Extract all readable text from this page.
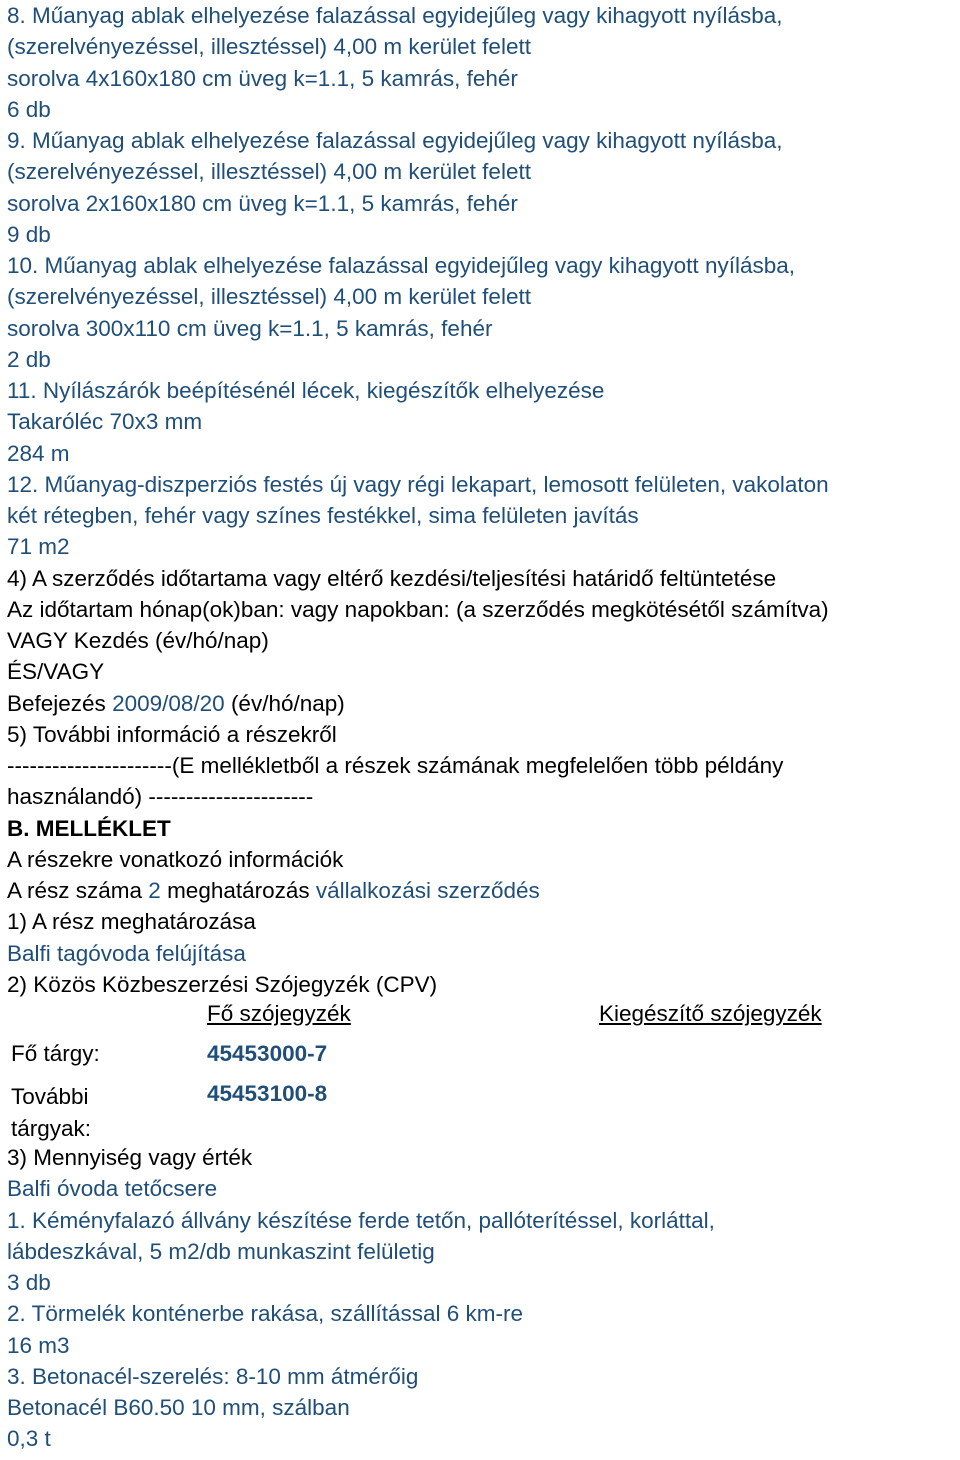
8. Műanyag ablak elhelyezése falazással egyidejűleg vagy kihagyott nyílásba,
(szerelvényezéssel, illesztéssel) 4,00 m kerület felett
sorolva 4x160x180 cm üveg k=1.1, 5 kamrás, fehér
6 db
9. Műanyag ablak elhelyezése falazással egyidejűleg vagy kihagyott nyílásba,
(szerelvényezéssel, illesztéssel) 4,00 m kerület felett
sorolva 2x160x180 cm üveg k=1.1, 5 kamrás, fehér
9 db
10. Műanyag ablak elhelyezése falazással egyidejűleg vagy kihagyott nyílásba,
(szerelvényezéssel, illesztéssel) 4,00 m kerület felett
sorolva 300x110 cm üveg k=1.1, 5 kamrás, fehér
2 db
11. Nyílászárók beépítésénél lécek, kiegészítők elhelyezése
Takaróléc 70x3 mm
284 m
12. Műanyag-diszperziós festés új vagy régi lekapart, lemosott felületen, vakolaton
két rétegben, fehér vagy színes festékkel, sima felületen javítás
71 m2
4) A szerződés időtartama vagy eltérő kezdési/teljesítési határidő feltüntetése
Az időtartam hónap(ok)ban: vagy napokban: (a szerződés megkötésétől számítva)
VAGY Kezdés (év/hó/nap)
ÉS/VAGY
Befejezés 2009/08/20 (év/hó/nap)
5) További információ a részekről
----------------------(E mellékletből a részek számának megfelelően több példány
használandó) ----------------------
B. MELLÉKLET
A részekre vonatkozó információk
A rész száma 2 meghatározás vállalkozási szerződés
1) A rész meghatározása
Balfi tagóvoda felújítása
2) Közös Közbeszerzési Szójegyzék (CPV)
Fő szójegyzék	Kiegészítő szójegyzék
Fő tárgy:	45453000-7
További tárgyak:
45453100-8
3) Mennyiség vagy érték
Balfi óvoda tetőcsere
1. Kéményfalazó állvány készítése ferde tetőn, pallóterítéssel, korláttal,
lábdeszkával, 5 m2/db munkaszint felületig
3 db
2. Törmelék konténerbe rakása, szállítással 6 km-re
16 m3
3. Betonacél-szerelés: 8-10 mm átmérőig
Betonacél B60.50 10 mm, szálban
0,3 t
